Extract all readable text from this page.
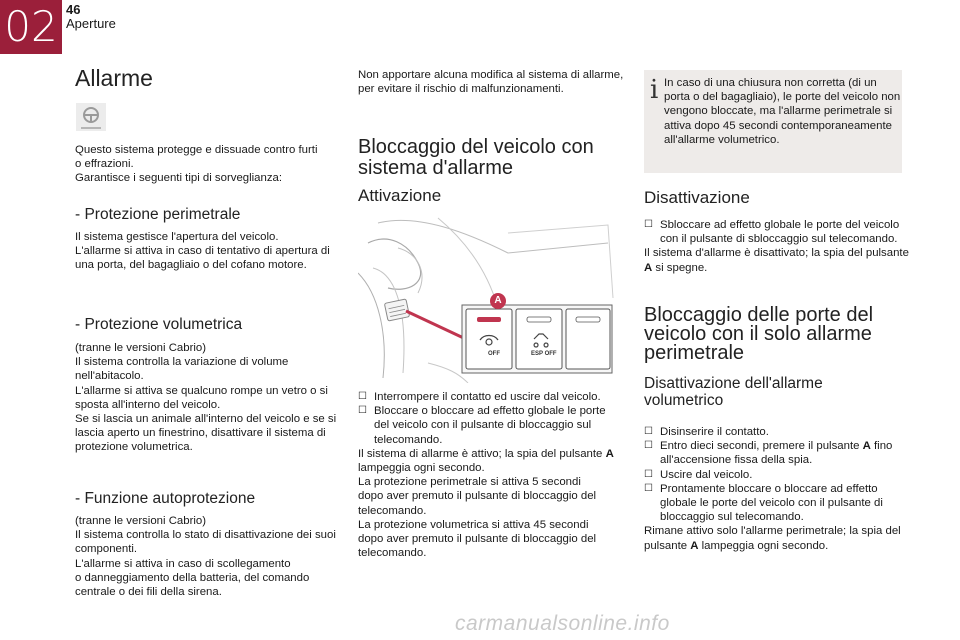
02 46
Aperture
Allarme
Questo sistema protegge e dissuade contro furti
o effrazioni.
Garantisce i seguenti tipi di sorveglianza:
- Protezione perimetrale
Il sistema gestisce l'apertura del veicolo.
L'allarme si attiva in caso di tentativo di apertura di
una porta, del bagagliaio o del cofano motore.
- Protezione volumetrica
(tranne le versioni Cabrio)
Il sistema controlla la variazione di volume
nell'abitacolo.
L'allarme si attiva se qualcuno rompe un vetro o si
sposta all'interno del veicolo.
Se si lascia un animale all'interno del veicolo e se si
lascia aperto un finestrino, disattivare il sistema di
protezione volumetrica.
- Funzione autoprotezione
(tranne le versioni Cabrio)
Il sistema controlla lo stato di disattivazione dei suoi
componenti.
L'allarme si attiva in caso di scollegamento
o danneggiamento della batteria, del comando
centrale o dei fili della sirena.
Non apportare alcuna modifica al sistema di allarme,
per evitare il rischio di malfunzionamenti.
Bloccaggio del veicolo con
sistema d'allarme
Attivazione
OFF	ESP OFF
A
☐ Interrompere il contatto ed uscire dal veicolo.
☐ Bloccare o bloccare ad effetto globale le porte
del veicolo con il pulsante di bloccaggio sul
telecomando.
Il sistema di allarme è attivo; la spia del pulsante A
lampeggia ogni secondo.
La protezione perimetrale si attiva 5 secondi
dopo aver premuto il pulsante di bloccaggio del
telecomando.
La protezione volumetrica si attiva 45 secondi
dopo aver premuto il pulsante di bloccaggio del
telecomando.
i In caso di una chiusura non corretta (di un
porta o del bagagliaio), le porte del veicolo non
vengono bloccate, ma l'allarme perimetrale si
attiva dopo 45 secondi contemporaneamente
all'allarme volumetrico.
Disattivazione
☐ Sbloccare ad effetto globale le porte del veicolo
con il pulsante di sbloccaggio sul telecomando.
Il sistema d'allarme è disattivato; la spia del pulsante
A si spegne.
Bloccaggio delle porte del
veicolo con il solo allarme
perimetrale
Disattivazione dell'allarme
volumetrico
☐ Disinserire il contatto.
☐ Entro dieci secondi, premere il pulsante A fino
all'accensione fissa della spia.
☐ Uscire dal veicolo.
☐ Prontamente bloccare o bloccare ad effetto
globale le porte del veicolo con il pulsante di
bloccaggio sul telecomando.
Rimane attivo solo l'allarme perimetrale; la spia del
pulsante A lampeggia ogni secondo.
carmanualsonline.info
